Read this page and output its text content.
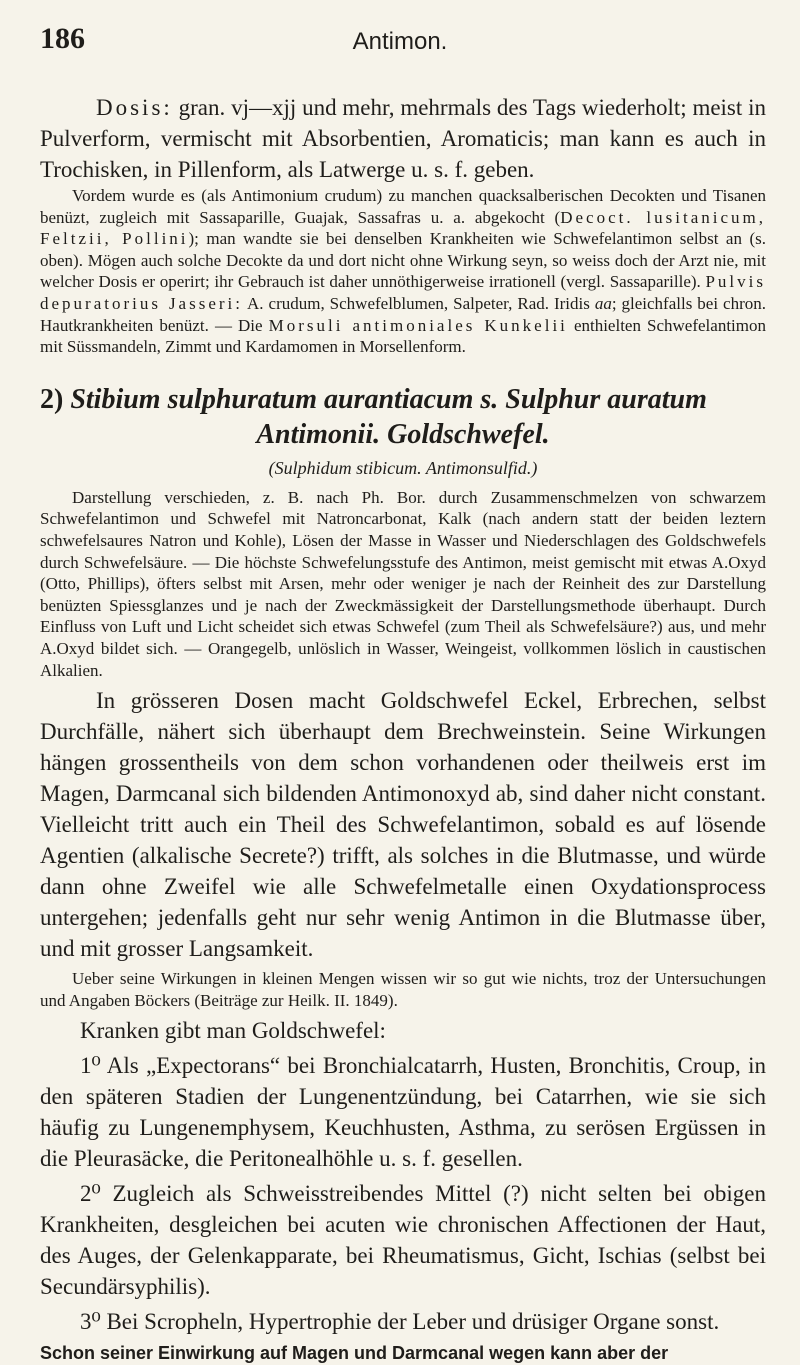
186	Antimon.

Dosis: gran. vj—xjj und mehr, mehrmals des Tags wiederholt; meist in Pulverform, vermischt mit Absorbentien, Aromaticis; man kann es auch in Trochisken, in Pillenform, als Latwerge u. s. f. geben.

Vordem wurde es (als Antimonium crudum) zu manchen quacksalberischen Decokten und Tisanen benüzt, zugleich mit Sassaparille, Guajak, Sassafras u. a. abgekocht (Decoct. lusitanicum, Feltzii, Pollini); man wandte sie bei denselben Krankheiten wie Schwefelantimon selbst an (s. oben). Mögen auch solche Decokte da und dort nicht ohne Wirkung seyn, so weiss doch der Arzt nie, mit welcher Dosis er operirt; ihr Gebrauch ist daher unnöthigerweise irrationell (vergl. Sassaparille). Pulvis depuratorius Jasseri: A. crudum, Schwefelblumen, Salpeter, Rad. Iridis aa; gleichfalls bei chron. Hautkrankheiten benüzt. — Die Morsuli antimoniales Kunkelii enthielten Schwefelantimon mit Süssmandeln, Zimmt und Kardamomen in Morsellenform.

2) Stibium sulphuratum aurantiacum s. Sulphur auratum
Antimonii. Goldschwefel.
(Sulphidum stibicum. Antimonsulfid.)

Darstellung verschieden, z. B. nach Ph. Bor. durch Zusammenschmelzen von schwarzem Schwefelantimon und Schwefel mit Natroncarbonat, Kalk (nach andern statt der beiden leztern schwefelsaures Natron und Kohle), Lösen der Masse in Wasser und Niederschlagen des Goldschwefels durch Schwefelsäure. — Die höchste Schwefelungsstufe des Antimon, meist gemischt mit etwas A.Oxyd (Otto, Phillips), öfters selbst mit Arsen, mehr oder weniger je nach der Reinheit des zur Darstellung benüzten Spiessglanzes und je nach der Zweckmässigkeit der Darstellungsmethode überhaupt. Durch Einfluss von Luft und Licht scheidet sich etwas Schwefel (zum Theil als Schwefelsäure?) aus, und mehr A.Oxyd bildet sich. — Orangegelb, unlöslich in Wasser, Weingeist, vollkommen löslich in caustischen Alkalien.

In grösseren Dosen macht Goldschwefel Eckel, Erbrechen, selbst Durchfälle, nähert sich überhaupt dem Brechweinstein. Seine Wirkungen hängen grossentheils von dem schon vorhandenen oder theilweis erst im Magen, Darmcanal sich bildenden Antimonoxyd ab, sind daher nicht constant. Vielleicht tritt auch ein Theil des Schwefelantimon, sobald es auf lösende Agentien (alkalische Secrete?) trifft, als solches in die Blutmasse, und würde dann ohne Zweifel wie alle Schwefelmetalle einen Oxydationsprocess untergehen; jedenfalls geht nur sehr wenig Antimon in die Blutmasse über, und mit grosser Langsamkeit.

Ueber seine Wirkungen in kleinen Mengen wissen wir so gut wie nichts, troz der Untersuchungen und Angaben Böckers (Beiträge zur Heilk. II. 1849).

Kranken gibt man Goldschwefel:

1⁰ Als „Expectorans“ bei Bronchialcatarrh, Husten, Bronchitis, Croup, in den späteren Stadien der Lungenentzündung, bei Catarrhen, wie sie sich häufig zu Lungenemphysem, Keuchhusten, Asthma, zu serösen Ergüssen in die Pleurasäcke, die Peritonealhöhle u. s. f. gesellen.

2⁰ Zugleich als Schweisstreibendes Mittel (?) nicht selten bei obigen Krankheiten, desgleichen bei acuten wie chronischen Affectionen der Haut, des Auges, der Gelenkapparate, bei Rheumatismus, Gicht, Ischias (selbst bei Secundärsyphilis).

3⁰ Bei Scropheln, Hypertrophie der Leber und drüsiger Organe sonst.

Schon seiner Einwirkung auf Magen und Darmcanal wegen kann aber der
